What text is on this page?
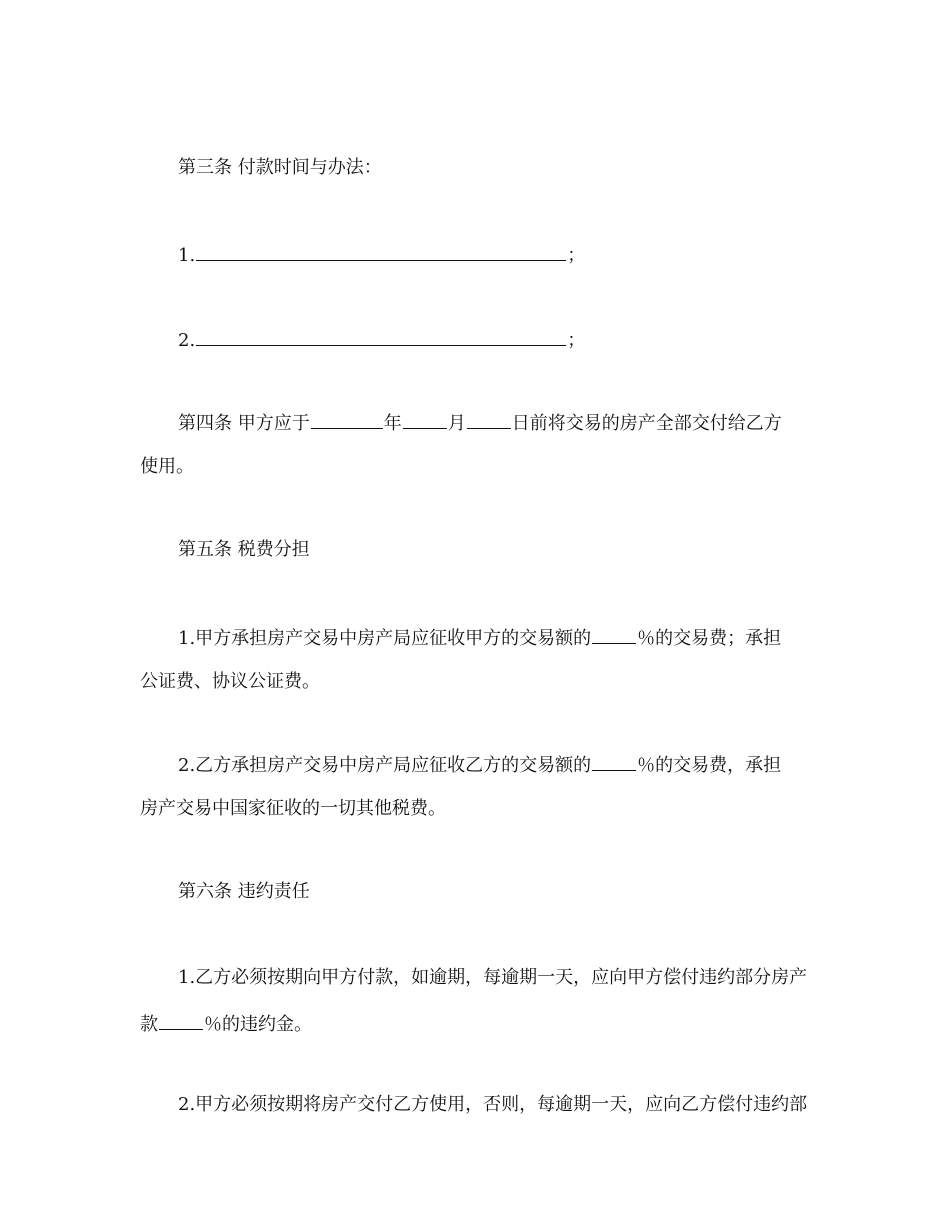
第三条 付款时间与办法：
1.	；
2.	；
第四条 甲方应于	年	月	日前将交易的房产全部交付给乙方
使用。
第五条 税费分担
1.甲方承担房产交易中房产局应征收甲方的交易额的	％的交易费；承担
公证费、协议公证费。
2.乙方承担房产交易中房产局应征收乙方的交易额的	％的交易费，承担
房产交易中国家征收的一切其他税费。
第六条 违约责任
1.乙方必须按期向甲方付款，如逾期，每逾期一天，应向甲方偿付违约部分房产
款	％的违约金。
2.甲方必须按期将房产交付乙方使用，否则，每逾期一天，应向乙方偿付违约部
